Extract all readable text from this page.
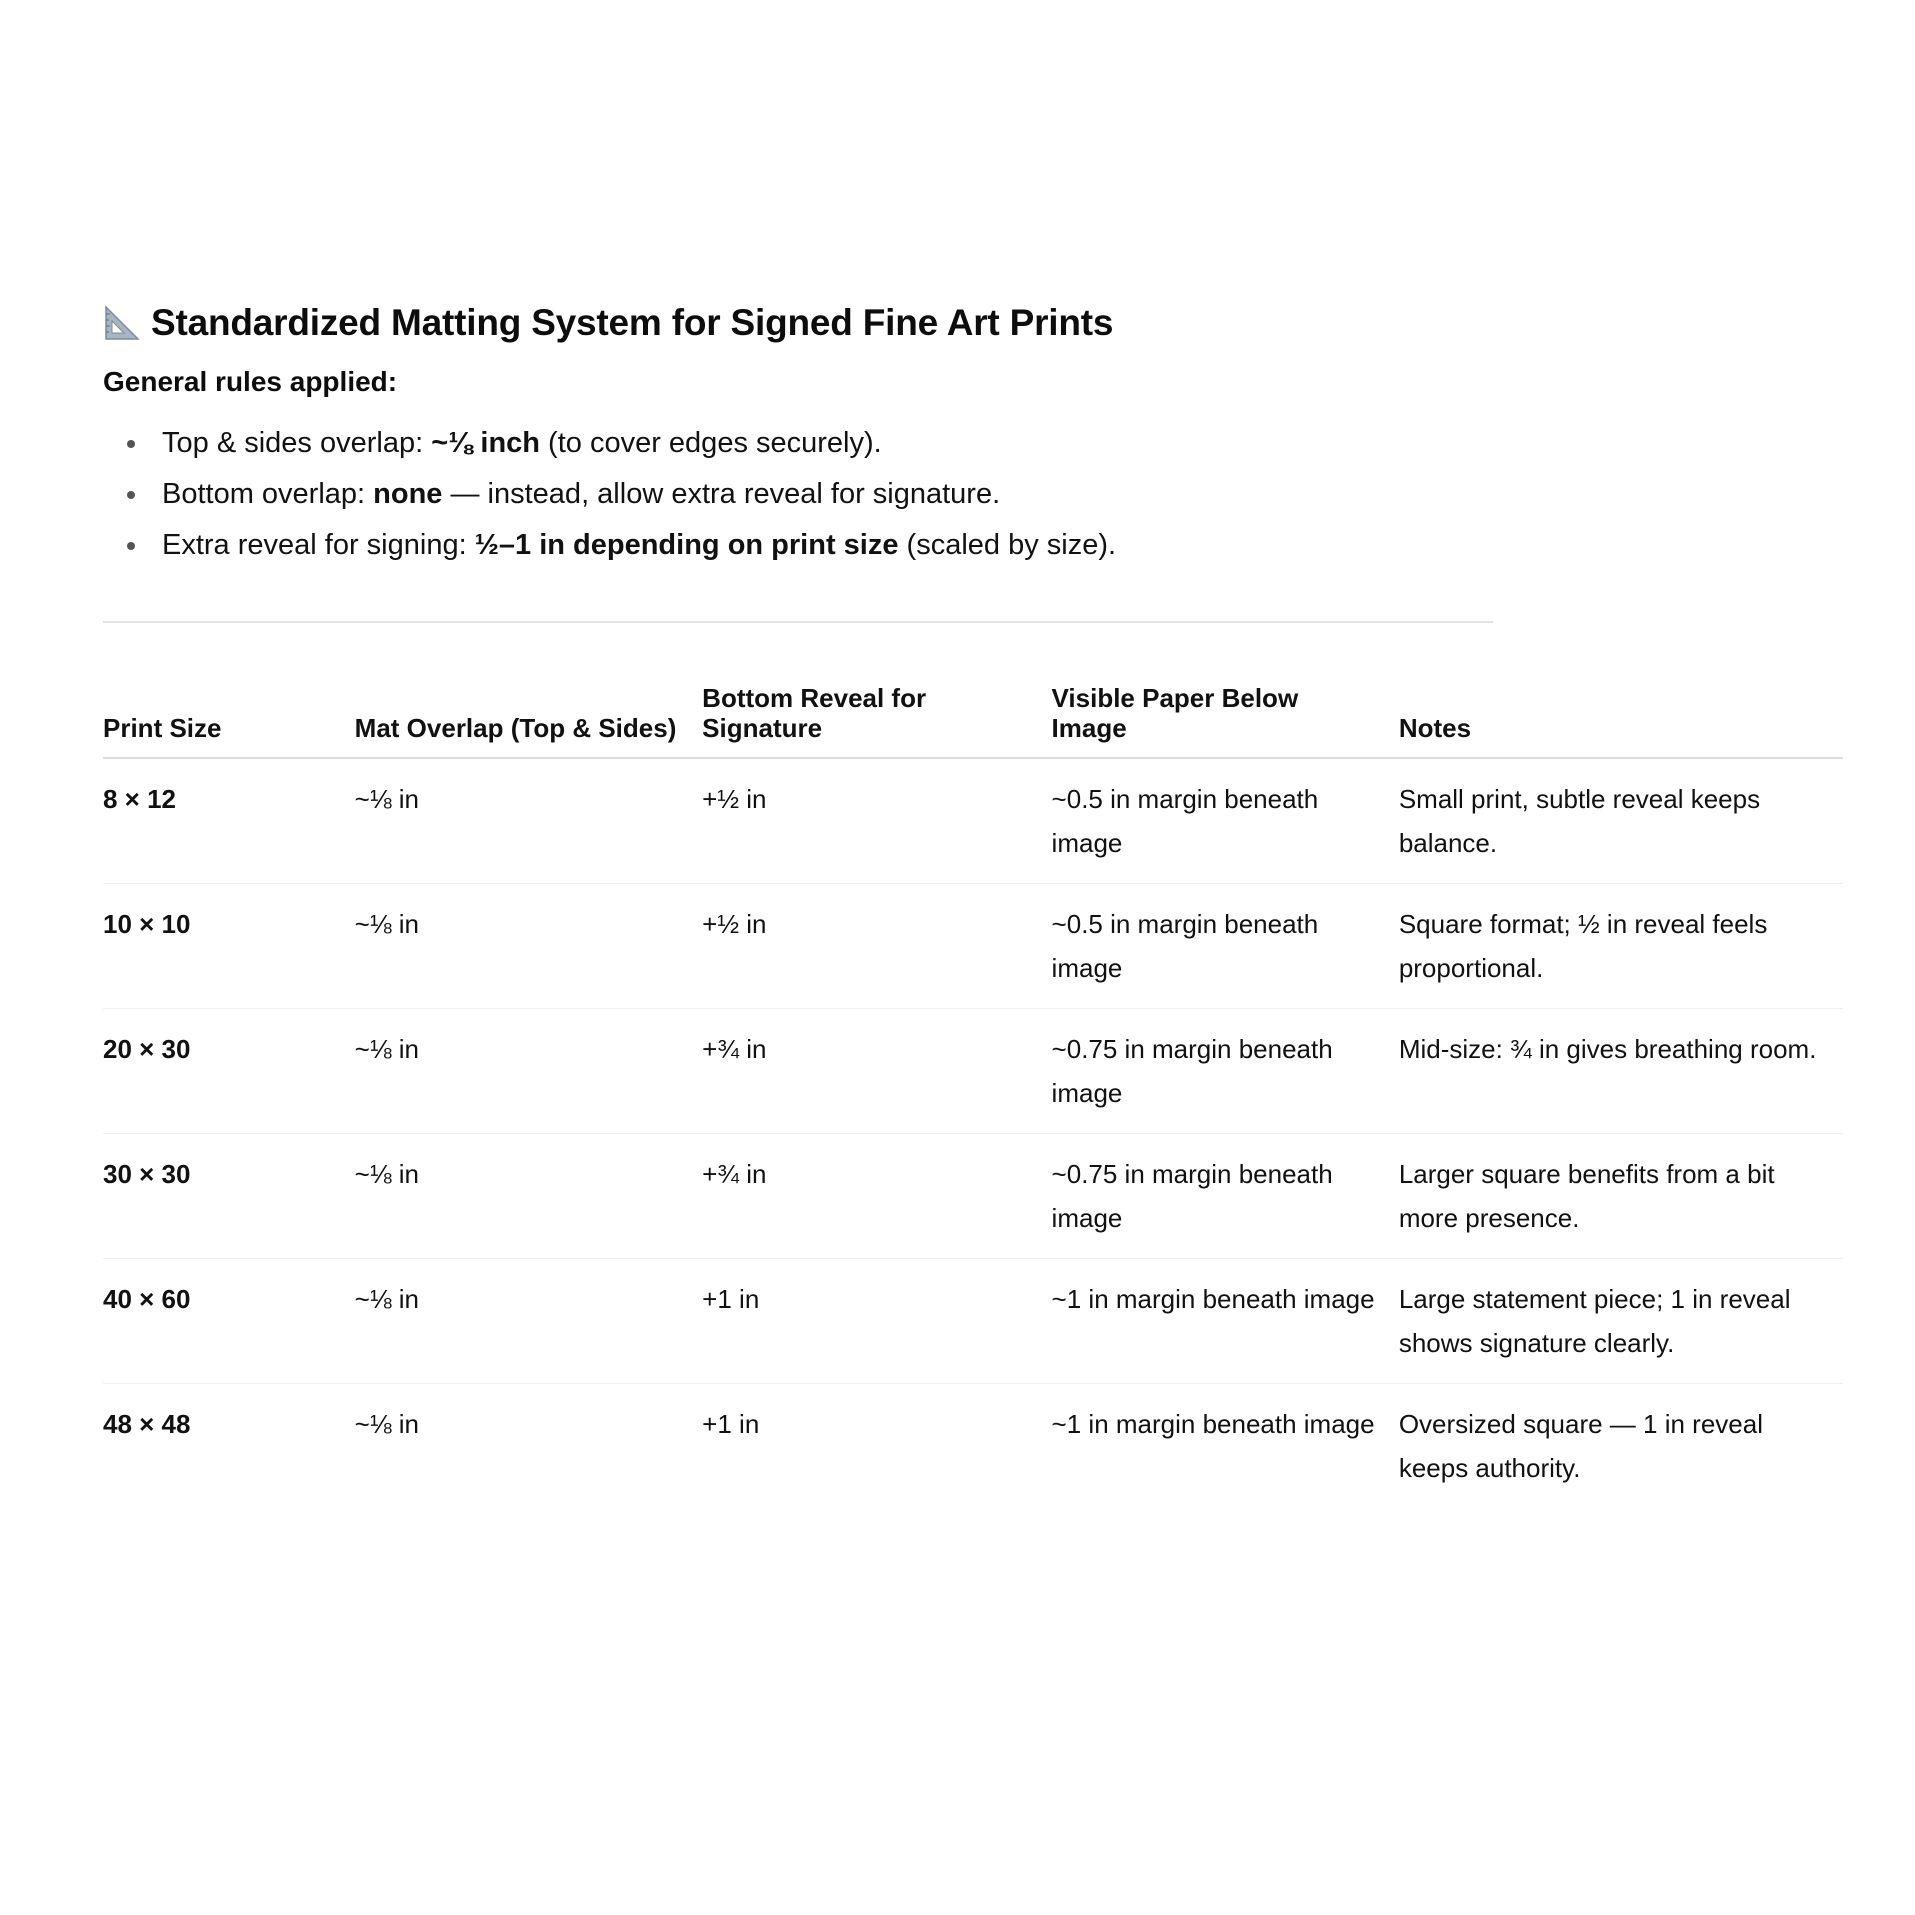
Standardized Matting System for Signed Fine Art Prints
General rules applied:
Top & sides overlap: ~⅛ inch (to cover edges securely).
Bottom overlap: none — instead, allow extra reveal for signature.
Extra reveal for signing: ½–1 in depending on print size (scaled by size).
Print Size	Mat Overlap (Top & Sides)	Bottom Reveal for Signature	Visible Paper Below Image	Notes
8 × 12	~⅛ in	+½ in	~0.5 in margin beneath image	Small print, subtle reveal keeps balance.
10 × 10	~⅛ in	+½ in	~0.5 in margin beneath image	Square format; ½ in reveal feels proportional.
20 × 30	~⅛ in	+¾ in	~0.75 in margin beneath image	Mid-size: ¾ in gives breathing room.
30 × 30	~⅛ in	+¾ in	~0.75 in margin beneath image	Larger square benefits from a bit more presence.
40 × 60	~⅛ in	+1 in	~1 in margin beneath image	Large statement piece; 1 in reveal shows signature clearly.
48 × 48	~⅛ in	+1 in	~1 in margin beneath image	Oversized square — 1 in reveal keeps authority.
